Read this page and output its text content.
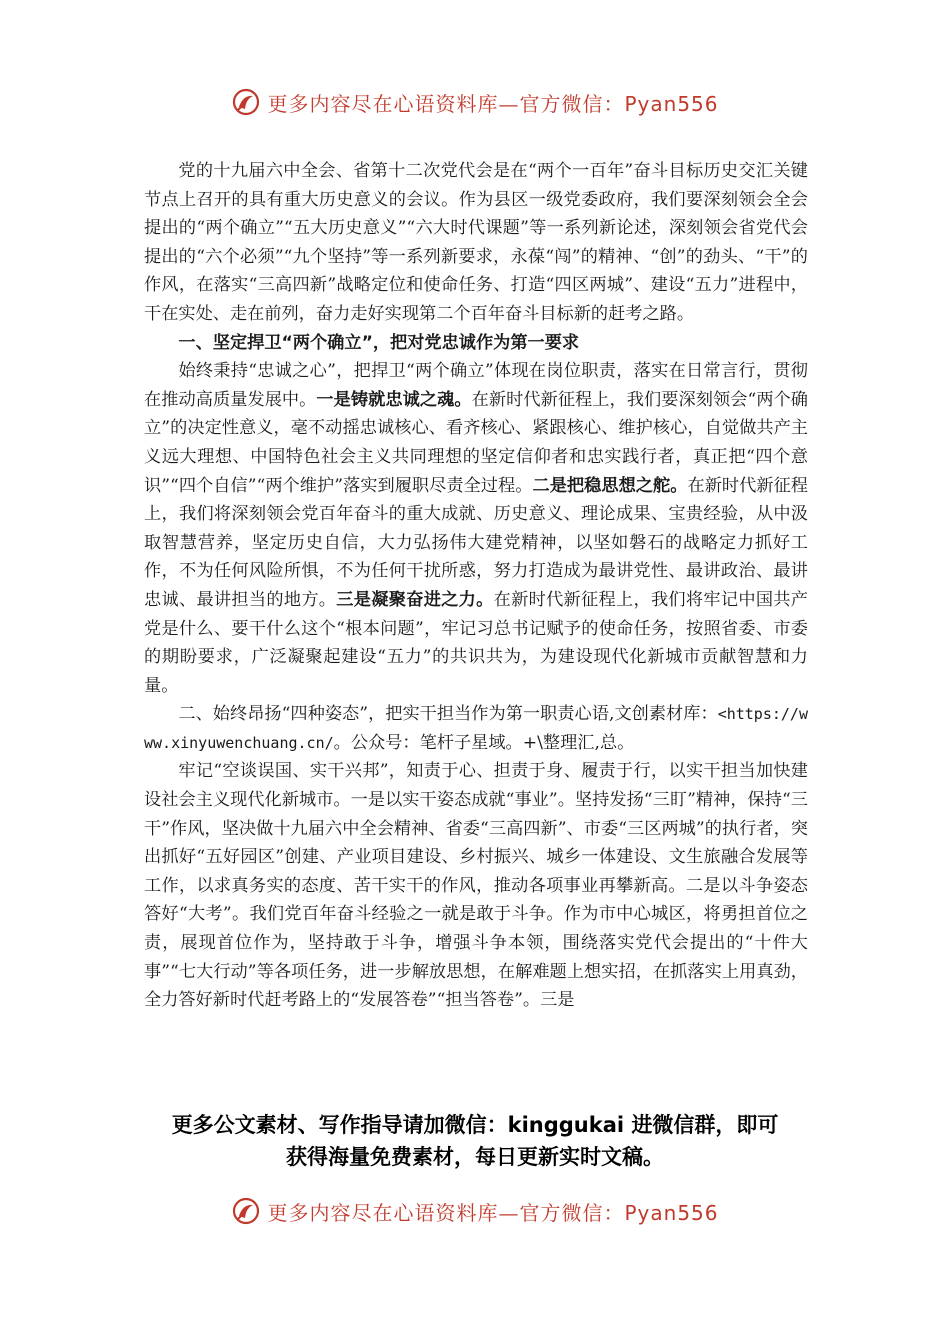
更多内容尽在心语资料库—官方微信：Pyan556

党的十九届六中全会、省第十二次党代会是在“两个一百年”奋斗目标历史交汇关键节点上召开的具有重大历史意义的会议。作为县区一级党委政府，我们要深刻领会全会提出的“两个确立”“五大历史意义”“六大时代课题”等一系列新论述，深刻领会省党代会提出的“六个必须”“九个坚持”等一系列新要求，永葆“闯”的精神、“创”的劲头、“干”的作风，在落实“三高四新”战略定位和使命任务、打造“四区两城”、建设“五力”进程中，干在实处、走在前列，奋力走好实现第二个百年奋斗目标新的赶考之路。

一、坚定捍卫“两个确立”，把对党忠诚作为第一要求

始终秉持“忠诚之心”，把捍卫“两个确立”体现在岗位职责，落实在日常言行，贯彻在推动高质量发展中。一是铸就忠诚之魂。在新时代新征程上，我们要深刻领会“两个确立”的决定性意义，毫不动摇忠诚核心、看齐核心、紧跟核心、维护核心，自觉做共产主义远大理想、中国特色社会主义共同理想的坚定信仰者和忠实践行者，真正把“四个意识”“四个自信”“两个维护”落实到履职尽责全过程。二是把稳思想之舵。在新时代新征程上，我们将深刻领会党百年奋斗的重大成就、历史意义、理论成果、宝贵经验，从中汲取智慧营养，坚定历史自信，大力弘扬伟大建党精神，以坚如磐石的战略定力抓好工作，不为任何风险所惧，不为任何干扰所惑，努力打造成为最讲党性、最讲政治、最讲忠诚、最讲担当的地方。三是凝聚奋进之力。在新时代新征程上，我们将牢记中国共产党是什么、要干什么这个“根本问题”，牢记习总书记赋予的使命任务，按照省委、市委的期盼要求，广泛凝聚起建设“五力”的共识共为，为建设现代化新城市贡献智慧和力量。

二、始终昂扬“四种姿态”，把实干担当作为第一职责心语,文创素材库：<https://www.xinyuwenchuang.cn/。公众号：笔杆子星域。+\整理汇,总。

牢记“空谈误国、实干兴邦”，知责于心、担责于身、履责于行，以实干担当加快建设社会主义现代化新城市。一是以实干姿态成就“事业”。坚持发扬“三盯”精神，保持“三干”作风，坚决做十九届六中全会精神、省委“三高四新”、市委“三区两城”的执行者，突出抓好“五好园区”创建、产业项目建设、乡村振兴、城乡一体建设、文生旅融合发展等工作，以求真务实的态度、苦干实干的作风，推动各项事业再攀新高。二是以斗争姿态答好“大考”。我们党百年奋斗经验之一就是敢于斗争。作为市中心城区，将勇担首位之责，展现首位作为，坚持敢于斗争，增强斗争本领，围绕落实党代会提出的“十件大事”“七大行动”等各项任务，进一步解放思想，在解难题上想实招，在抓落实上用真劲，全力答好新时代赶考路上的“发展答卷”“担当答卷”。三是

更多公文素材、写作指导请加微信：kinggukai 进微信群，即可
获得海量免费素材，每日更新实时文稿。
更多内容尽在心语资料库—官方微信：Pyan556
